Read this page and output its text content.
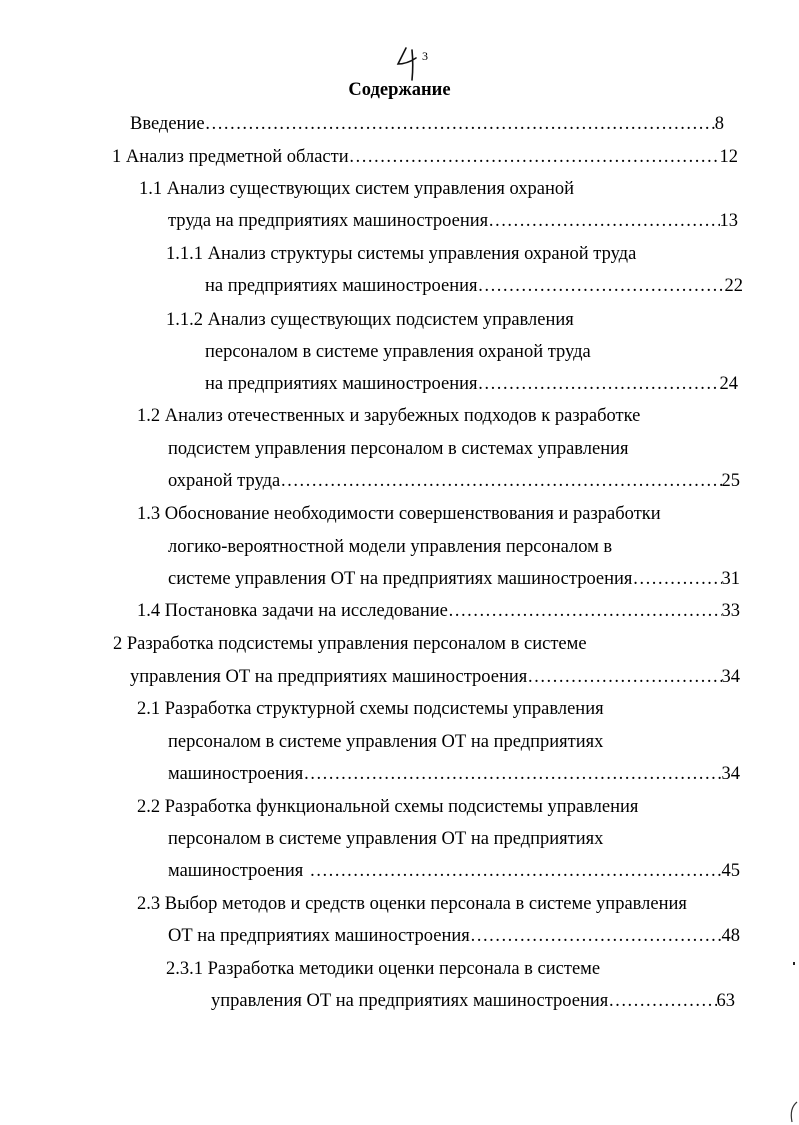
3
Содержание
Введение ………………………………………………………………………………………………………………………………………………………	8
1 Анализ предметной области ………………………………………………………………………………………………………………………………………………………	12
1.1 Анализ существующих систем управления охраной
труда на предприятиях машиностроения ………………………………………………………………………………………………………………………………………………………	13
1.1.1 Анализ структуры системы управления охраной труда
на предприятиях машиностроения ………………………………………………………………………………………………………………………………………………………	22
1.1.2 Анализ существующих подсистем управления
персоналом в системе управления охраной труда
на предприятиях машиностроения ………………………………………………………………………………………………………………………………………………………	24
1.2 Анализ отечественных и зарубежных подходов к разработке
подсистем управления персоналом в системах управления
охраной труда ………………………………………………………………………………………………………………………………………………………	25
1.3 Обоснование необходимости совершенствования и разработки
логико-вероятностной модели управления персоналом в
системе управления ОТ на предприятиях машиностроения ………………………………………………………………………………………………………………………………………………………	31
1.4 Постановка задачи на исследование ………………………………………………………………………………………………………………………………………………………	33
2 Разработка подсистемы управления персоналом в системе
управления ОТ на предприятиях машиностроения ………………………………………………………………………………………………………………………………………………………	34
2.1 Разработка структурной схемы подсистемы управления
персоналом в системе управления ОТ на предприятиях
машиностроения ………………………………………………………………………………………………………………………………………………………	34
2.2 Разработка функциональной схемы подсистемы управления
персоналом в системе управления ОТ на предприятиях
машиностроения ………………………………………………………………………………………………………………………………………………………	45
2.3 Выбор методов и средств оценки персонала в системе управления
ОТ на предприятиях машиностроения ………………………………………………………………………………………………………………………………………………………	48
2.3.1 Разработка методики оценки персонала в системе
управления ОТ на предприятиях машиностроения ………………………………………………………………………………………………………………………………………………………	63
